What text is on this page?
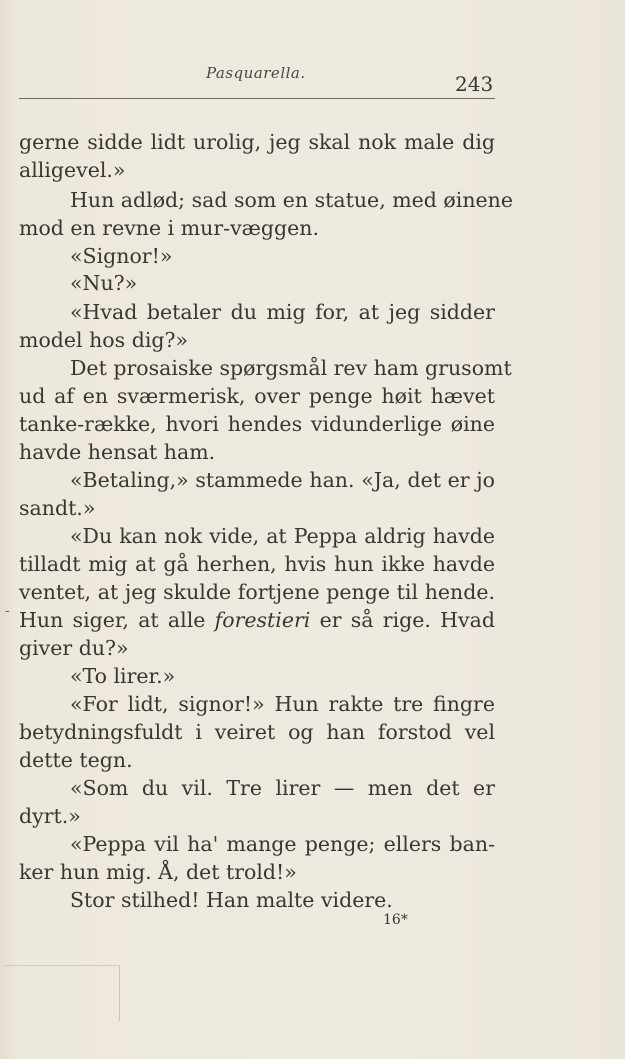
Pasquarella.	243
-
gerne sidde lidt urolig, jeg skal nok male dig
alligevel.»
Hun adlød; sad som en statue, med øinene
mod en revne i mur-væggen.
«Signor!»
«Nu?»
«Hvad betaler du mig for, at jeg sidder
model hos dig?»
Det prosaiske spørgsmål rev ham grusomt
ud af en sværmerisk, over penge høit hævet
tanke-række, hvori hendes vidunderlige øine
havde hensat ham.
«Betaling,» stammede han. «Ja, det er jo
sandt.»
«Du kan nok vide, at Peppa aldrig havde
tilladt mig at gå herhen, hvis hun ikke havde
ventet, at jeg skulde fortjene penge til hende.
Hun siger, at alle forestieri er så rige. Hvad
giver du?»
«To lirer.»
«For lidt, signor!» Hun rakte tre fingre
betydningsfuldt i veiret og han forstod vel
dette tegn.
«Som du vil. Tre lirer — men det er
dyrt.»
«Peppa vil ha' mange penge; ellers ban-
ker hun mig. Å, det trold!»
Stor stilhed! Han malte videre.
16*
